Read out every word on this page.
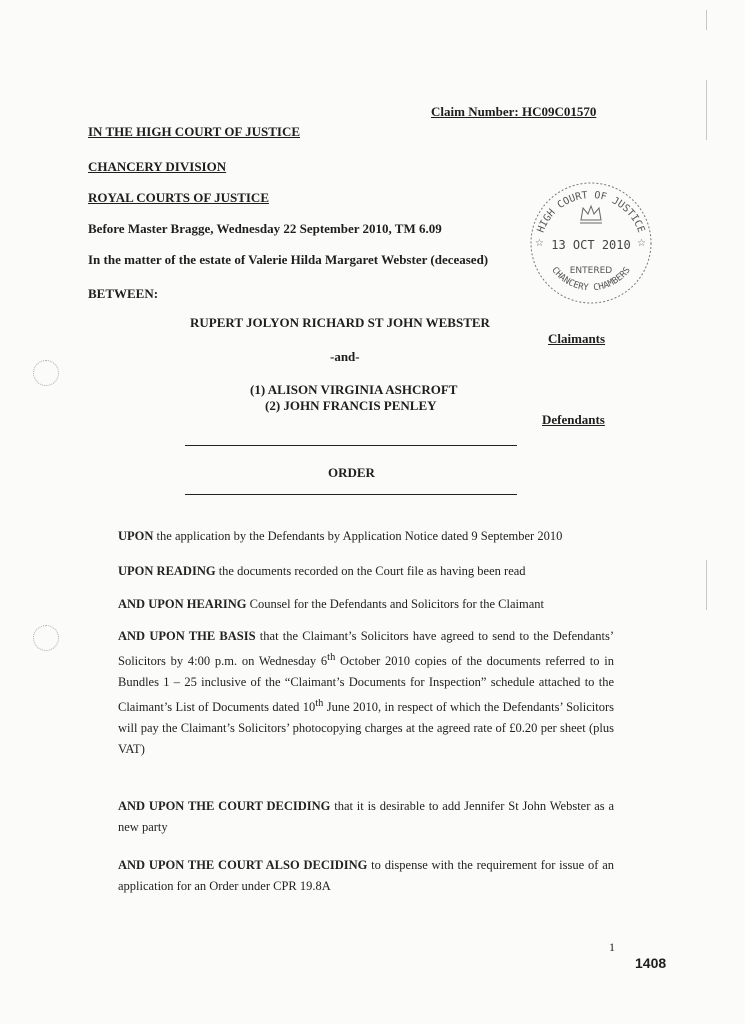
Claim Number: HC09C01570
IN THE HIGH COURT OF JUSTICE
CHANCERY DIVISION
ROYAL COURTS OF JUSTICE
Before Master Bragge, Wednesday 22 September 2010, TM 6.09
In the matter of the estate of Valerie Hilda Margaret Webster (deceased)
BETWEEN:
HIGH COURT OF JUSTICE
13 OCT 2010
☆	☆
ENTERED
CHANCERY CHAMBERS
RUPERT JOLYON RICHARD ST JOHN WEBSTER
Claimants
-and-
(1) ALISON VIRGINIA ASHCROFT
(2) JOHN FRANCIS PENLEY
Defendants
ORDER
UPON the application by the Defendants by Application Notice dated 9 September 2010
UPON READING the documents recorded on the Court file as having been read
AND UPON HEARING Counsel for the Defendants and Solicitors for the Claimant
AND UPON THE BASIS that the Claimant’s Solicitors have agreed to send to the Defendants’ Solicitors by 4:00 p.m. on Wednesday 6th October 2010 copies of the documents referred to in Bundles 1 – 25 inclusive of the “Claimant’s Documents for Inspection” schedule attached to the Claimant’s List of Documents dated 10th June 2010, in respect of which the Defendants’ Solicitors will pay the Claimant’s Solicitors’ photocopying charges at the agreed rate of £0.20 per sheet (plus VAT)
AND UPON THE COURT DECIDING that it is desirable to add Jennifer St John Webster as a new party
AND UPON THE COURT ALSO DECIDING to dispense with the requirement for issue of an application for an Order under CPR 19.8A
1
1408
